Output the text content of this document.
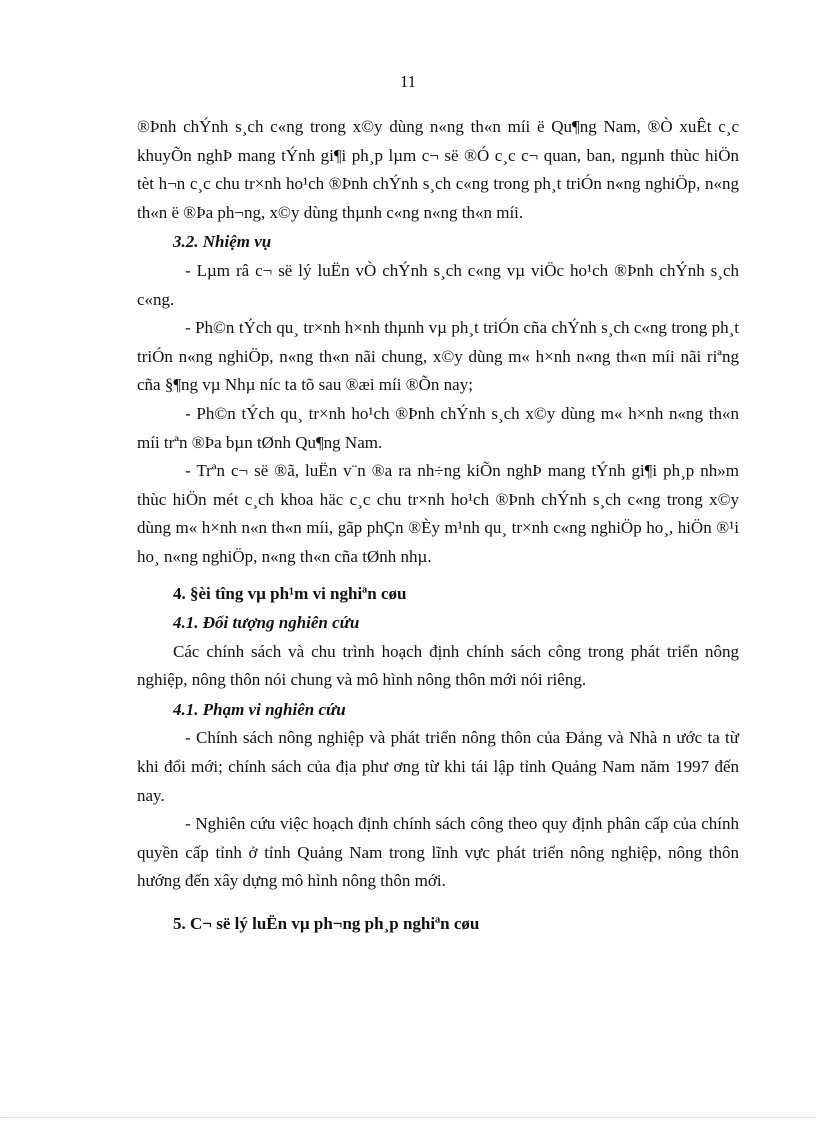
11

®Þnh chÝnh s¸ch c«ng trong x©y dùng n«ng th«n míi ë Qu¶ng Nam, ®Ò xuÊt c¸c khuyÕn nghÞ mang tÝnh gi¶i ph¸p lµm c¬ së ®Ó c¸c c¬ quan, ban, ngµnh thùc hiÖn tèt h¬n c¸c chu tr×nh ho¹ch ®Þnh chÝnh s¸ch c«ng trong ph¸t triÓn n«ng nghiÖp, n«ng th«n ë ®Þa ph¬ng, x©y dùng thµnh c«ng n«ng th«n míi.

3.2. Nhiệm vụ

- Lµm râ c¬ së lý luËn vÒ chÝnh s¸ch c«ng vµ viÖc ho¹ch ®Þnh chÝnh s¸ch c«ng.

- Ph©n tÝch qu¸ tr×nh h×nh thµnh vµ ph¸t triÓn cña chÝnh s¸ch c«ng trong ph¸t triÓn n«ng nghiÖp, n«ng th«n nãi chung, x©y dùng m« h×nh n«ng th«n míi nãi riªng cña §¶ng vµ Nhµ níc ta tõ sau ®æi míi ®Õn nay;

- Ph©n tÝch qu¸ tr×nh ho¹ch ®Þnh chÝnh s¸ch x©y dùng m« h×nh n«ng th«n míi trªn ®Þa bµn tØnh Qu¶ng Nam.

- Trªn c¬ së ®ã, luËn v¨n ®a ra nh÷ng kiÕn nghÞ mang tÝnh gi¶i ph¸p nh»m thùc hiÖn mét c¸ch khoa häc c¸c chu tr×nh ho¹ch ®Þnh chÝnh s¸ch c«ng trong x©y dùng m« h×nh n«n th«n míi, gãp phÇn ®Èy m¹nh qu¸ tr×nh c«ng nghiÖp ho¸, hiÖn ®¹i ho¸ n«ng nghiÖp, n«ng th«n cña tØnh nhµ.

4. §èi tîng vµ ph¹m vi nghiªn cøu

4.1. Đối tượng nghiên cứu

Các chính sách và chu trình hoạch định chính sách công trong phát triển nông nghiệp, nông thôn nói chung và mô hình nông thôn mới nói riêng.

4.1. Phạm vi nghiên cứu

- Chính sách nông nghiệp và phát triển nông thôn của Đảng và Nhà n ước ta từ khi đổi mới; chính sách của địa phư ơng từ khi tái lập tỉnh Quảng Nam năm 1997 đến nay.

- Nghiên cứu việc hoạch định chính sách công theo quy định phân cấp của chính quyền cấp tỉnh ở tỉnh Quảng Nam trong lĩnh vực phát triển nông nghiệp, nông thôn hướng đến xây dựng mô hình nông thôn mới.

5. C¬ së lý luËn vµ ph¬ng ph¸p nghiªn cøu
